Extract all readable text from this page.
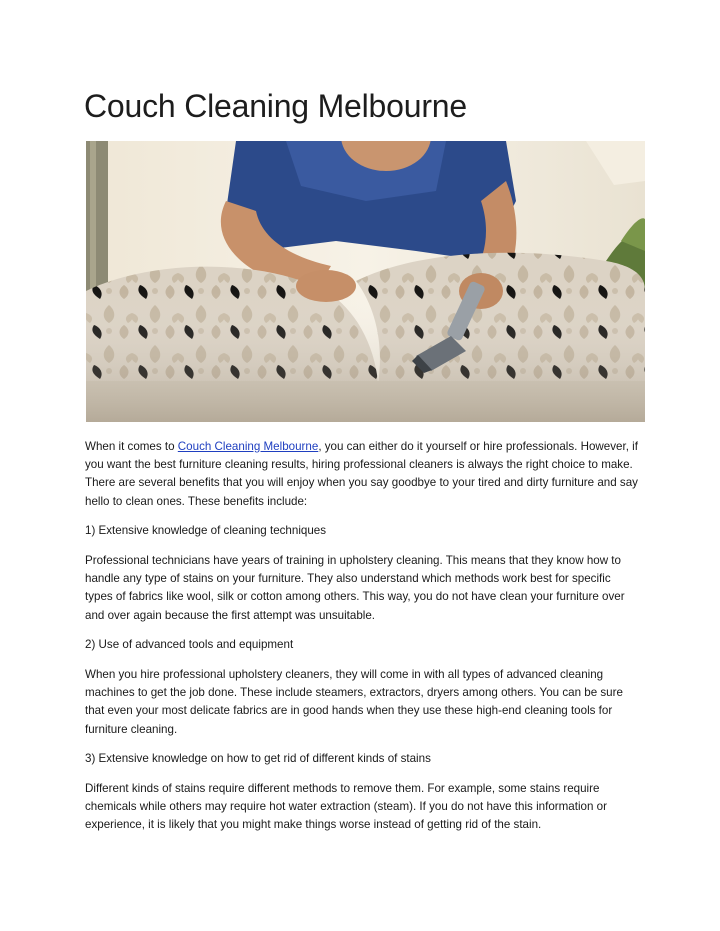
Couch Cleaning Melbourne

When it comes to Couch Cleaning Melbourne, you can either do it yourself or hire professionals. However, if you want the best furniture cleaning results, hiring professional cleaners is always the right choice to make. There are several benefits that you will enjoy when you say goodbye to your tired and dirty furniture and say hello to clean ones. These benefits include:

1) Extensive knowledge of cleaning techniques

Professional technicians have years of training in upholstery cleaning. This means that they know how to handle any type of stains on your furniture. They also understand which methods work best for specific types of fabrics like wool, silk or cotton among others. This way, you do not have clean your furniture over and over again because the first attempt was unsuitable.

2) Use of advanced tools and equipment

When you hire professional upholstery cleaners, they will come in with all types of advanced cleaning machines to get the job done. These include steamers, extractors, dryers among others. You can be sure that even your most delicate fabrics are in good hands when they use these high-end cleaning tools for furniture cleaning.

3) Extensive knowledge on how to get rid of different kinds of stains

Different kinds of stains require different methods to remove them. For example, some stains require chemicals while others may require hot water extraction (steam). If you do not have this information or experience, it is likely that you might make things worse instead of getting rid of the stain.
